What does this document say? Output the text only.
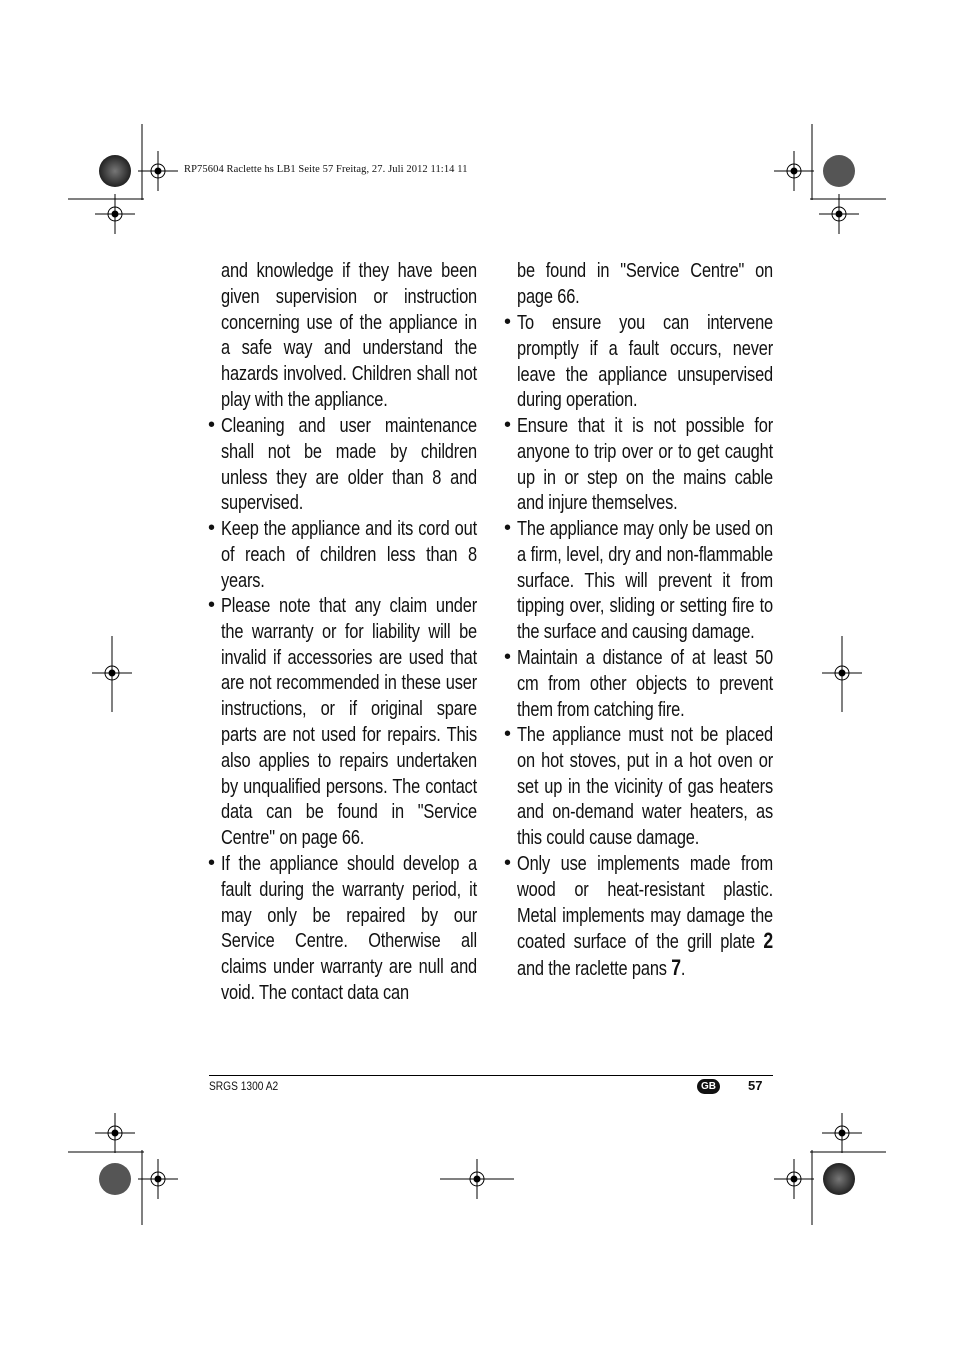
RP75604 Raclette hs LB1 Seite 57 Freitag, 27. Juli 2012 11:14 11

and knowledge if they have been given supervision or instruction concerning use of the appliance in a safe way and understand the hazards involved. Children shall not play with the appliance.

• Cleaning and user maintenance shall not be made by children unless they are older than 8 and supervised.

• Keep the appliance and its cord out of reach of children less than 8 years.

• Please note that any claim under the warranty or for liability will be invalid if accessories are used that are not recommended in these user instructions, or if original spare parts are not used for repairs. This also applies to repairs undertaken by unqualified persons. The contact data can be found in "Service Centre" on page 66.

• If the appliance should develop a fault during the warranty period, it may only be repaired by our Service Centre. Otherwise all claims under warranty are null and void. The contact data can

be found in "Service Centre" on page 66.

• To ensure you can intervene promptly if a fault occurs, never leave the appliance unsupervised during operation.

• Ensure that it is not possible for anyone to trip over or to get caught up in or step on the mains cable and injure themselves.

• The appliance may only be used on a firm, level, dry and non-flammable surface. This will prevent it from tipping over, sliding or setting fire to the surface and causing damage.

• Maintain a distance of at least 50 cm from other objects to prevent them from catching fire.

• The appliance must not be placed on hot stoves, put in a hot oven or set up in the vicinity of gas heaters and on-demand water heaters, as this could cause damage.

• Only use implements made from wood or heat-resistant plastic. Metal implements may damage the coated surface of the grill plate 2 and the raclette pans 7.

SRGS 1300 A2	GB	57
